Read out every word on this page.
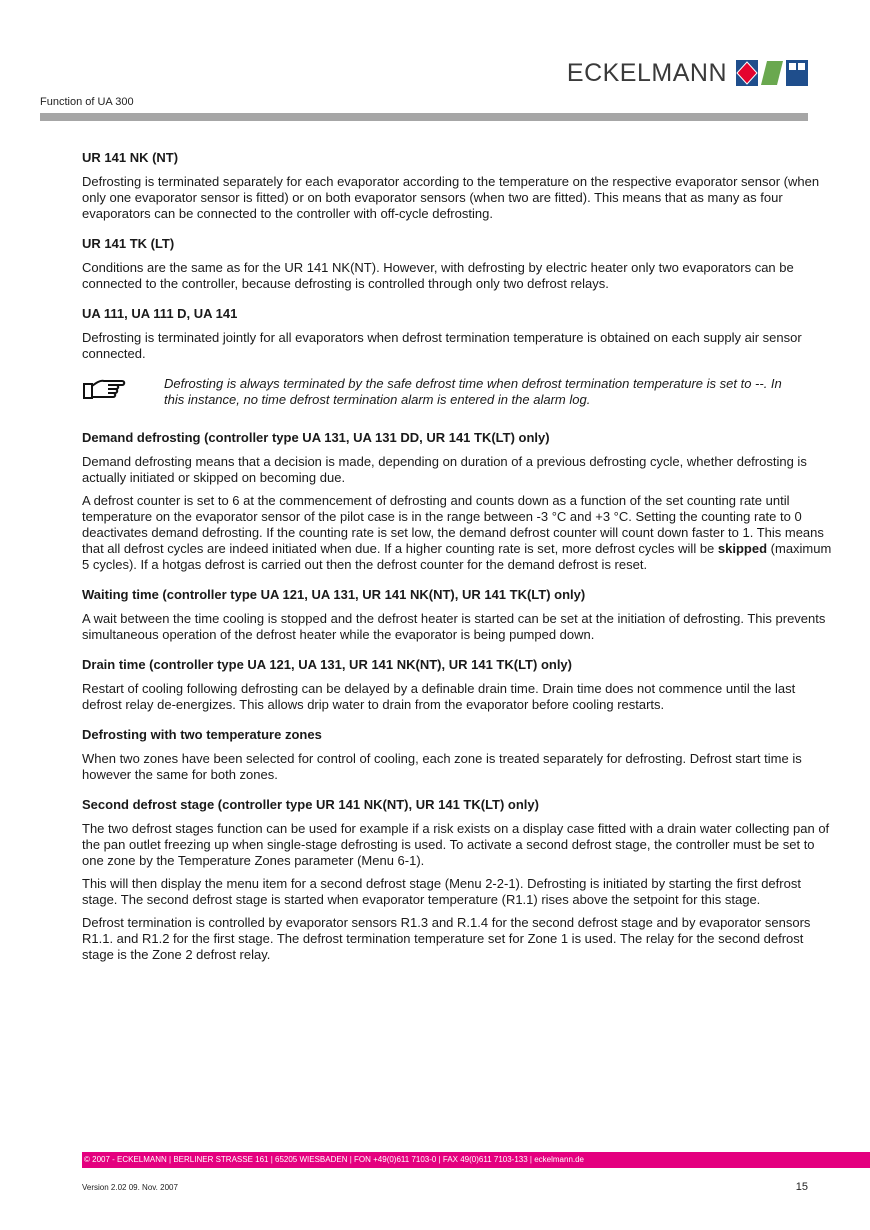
ECKELMANN
Function of UA 300
UR 141 NK (NT)

Defrosting is terminated separately for each evaporator according to the temperature on the respective evaporator sensor (when only one evaporator sensor is fitted) or on both evaporator sensors (when two are fitted). This means that as many as four evaporators can be connected to the controller with off-cycle defrosting.

UR 141 TK (LT)

Conditions are the same as for the UR 141 NK(NT). However, with defrosting by electric heater only two evaporators can be connected to the controller, because defrosting is controlled through only two defrost relays.

UA 111, UA 111 D, UA 141

Defrosting is terminated jointly for all evaporators when defrost termination temperature is obtained on each supply air sensor connected.

Defrosting is always terminated by the safe defrost time when defrost termination temperature is set to --. In this instance, no time defrost termination alarm is entered in the alarm log.
Demand defrosting (controller type UA 131, UA 131 DD, UR 141 TK(LT) only)

Demand defrosting means that a decision is made, depending on duration of a previous defrosting cycle, whether defrosting is actually initiated or skipped on becoming due.

A defrost counter is set to 6 at the commencement of defrosting and counts down as a function of the set counting rate until temperature on the evaporator sensor of the pilot case is in the range between -3 °C and +3 °C. Setting the counting rate to 0 deactivates demand defrosting. If the counting rate is set low, the demand defrost counter will count down faster to 1. This means that all defrost cycles are indeed initiated when due. If a higher counting rate is set, more defrost cycles will be skipped (maximum 5 cycles). If a hotgas defrost is carried out then the defrost counter for the demand defrost is reset.

Waiting time (controller type UA 121, UA 131, UR 141 NK(NT), UR 141 TK(LT) only)

A wait between the time cooling is stopped and the defrost heater is started can be set at the initiation of defrosting. This prevents simultaneous operation of the defrost heater while the evaporator is being pumped down.

Drain time (controller type UA 121, UA 131, UR 141 NK(NT), UR 141 TK(LT) only)

Restart of cooling following defrosting can be delayed by a definable drain time. Drain time does not commence until the last defrost relay de-energizes. This allows drip water to drain from the evaporator before cooling restarts.

Defrosting with two temperature zones

When two zones have been selected for control of cooling, each zone is treated separately for defrosting. Defrost start time is however the same for both zones.

Second defrost stage (controller type UR 141 NK(NT), UR 141 TK(LT) only)

The two defrost stages function can be used for example if a risk exists on a display case fitted with a drain water collecting pan of the pan outlet freezing up when single-stage defrosting is used. To activate a second defrost stage, the controller must be set to one zone by the Temperature Zones parameter (Menu 6-1).

This will then display the menu item for a second defrost stage (Menu 2-2-1). Defrosting is initiated by starting the first defrost stage. The second defrost stage is started when evaporator temperature (R1.1) rises above the setpoint for this stage.

Defrost termination is controlled by evaporator sensors R1.3 and R.1.4 for the second defrost stage and by evaporator sensors R1.1. and R1.2 for the first stage. The defrost termination temperature set for Zone 1 is used. The relay for the second defrost stage is the Zone 2 defrost relay.

© 2007 - ECKELMANN | BERLINER STRASSE 161 | 65205 WIESBADEN | FON +49(0)611 7103-0 | FAX 49(0)611 7103-133 | eckelmann.de
Version 2.02 09. Nov. 2007	15
